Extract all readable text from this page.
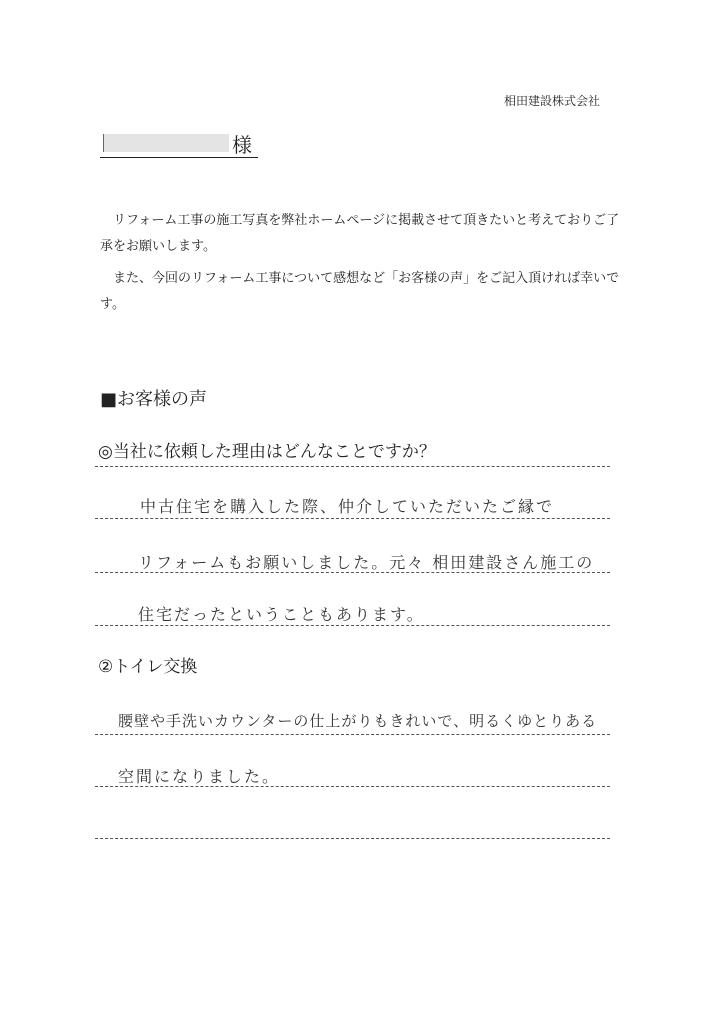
相田建設株式会社
様

リフォーム工事の施工写真を弊社ホームページに掲載させて頂きたいと考えておりご了承をお願いします。

また、今回のリフォーム工事について感想など「お客様の声」をご記入頂ければ幸いです。

■お客様の声
◎当社に依頼した理由はどんなことですか？
中古住宅を購入した際、仲介していただいたご縁で
リフォームもお願いしました。元々 相田建設さん施工の
住宅だったということもあります。
②トイレ交換
腰壁や手洗いカウンターの仕上がりもきれいで、明るくゆとりある
空間になりました。
